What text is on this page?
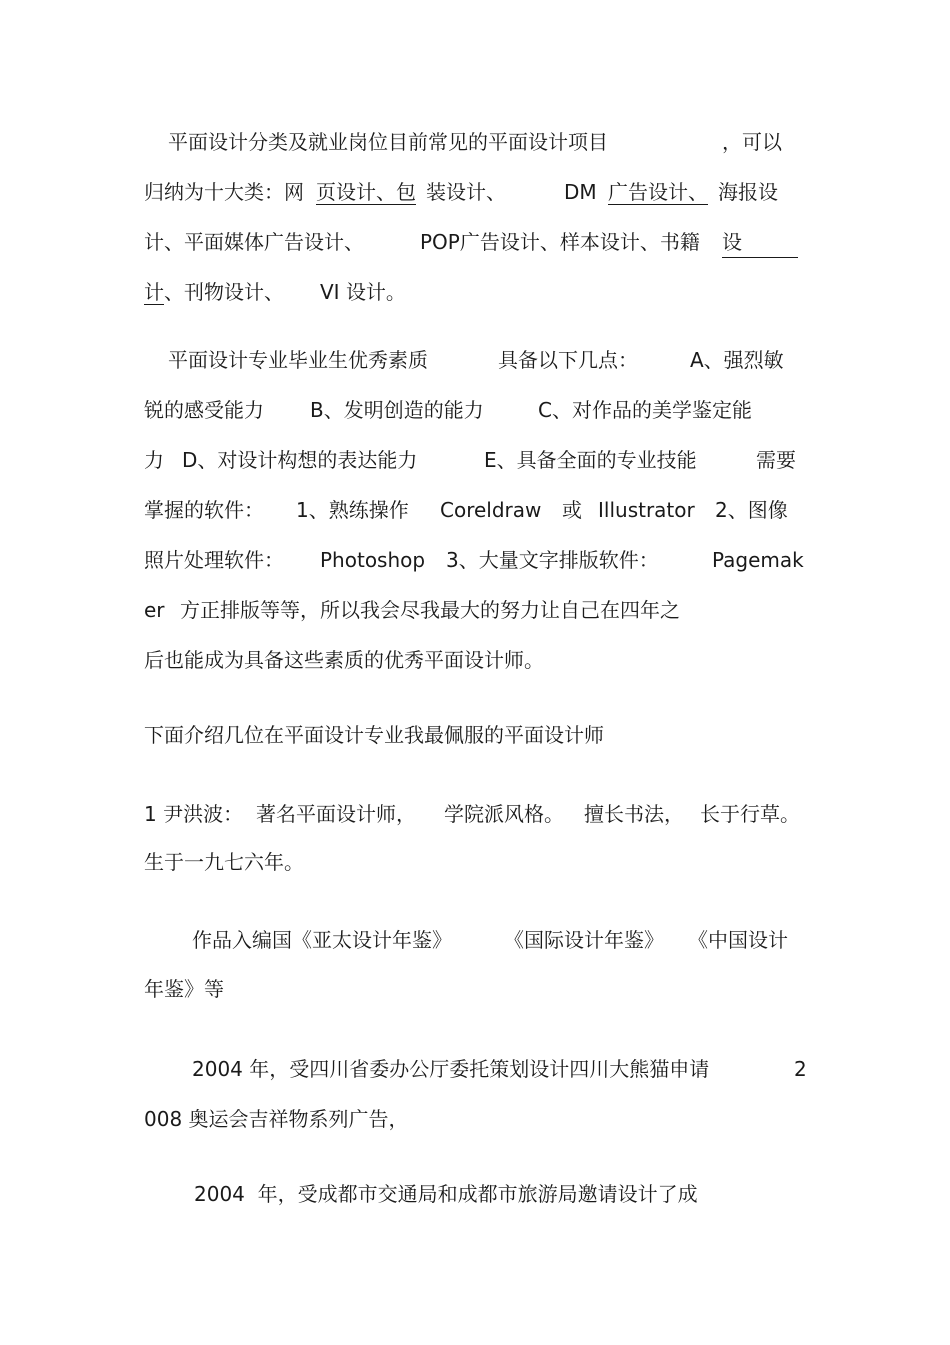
平面设计分类及就业岗位目前常见的平面设计项目	，可以
归纳为十大类：网 页设计、包 装设计、	DM 广告设计、 海报设
计、平面媒体广告设计、	POP广告设计、样本设计、书籍 设
计 、刊物设计、 VI 设计。
平面设计专业毕业生优秀素质	具备以下几点：	A、强烈敏
锐的感受能力 B、发明创造的能力	C、对作品的美学鉴定能
力 D、对设计构想的表达能力	E、具备全面的专业技能	需要
掌握的软件： 1、熟练操作 Coreldraw 或 Illustrator 2、图像
照片处理软件： Photoshop 3、大量文字排版软件：	Pagemak
er 方正排版等等，所以我会尽我最大的努力让自己在四年之
后也能成为具备这些素质的优秀平面设计师。
下面介绍几位在平面设计专业我最佩服的平面设计师
1 尹洪波： 著名平面设计师， 学院派风格。 擅长书法， 长于行草。
生于一九七六年。
作品入编国《亚太设计年鉴》	《国际设计年鉴》 《中国设计
年鉴》等
2004 年，受四川省委办公厅委托策划设计四川大熊猫申请	2
008 奥运会吉祥物系列广告，
2004  年，受成都市交通局和成都市旅游局邀请设计了成
